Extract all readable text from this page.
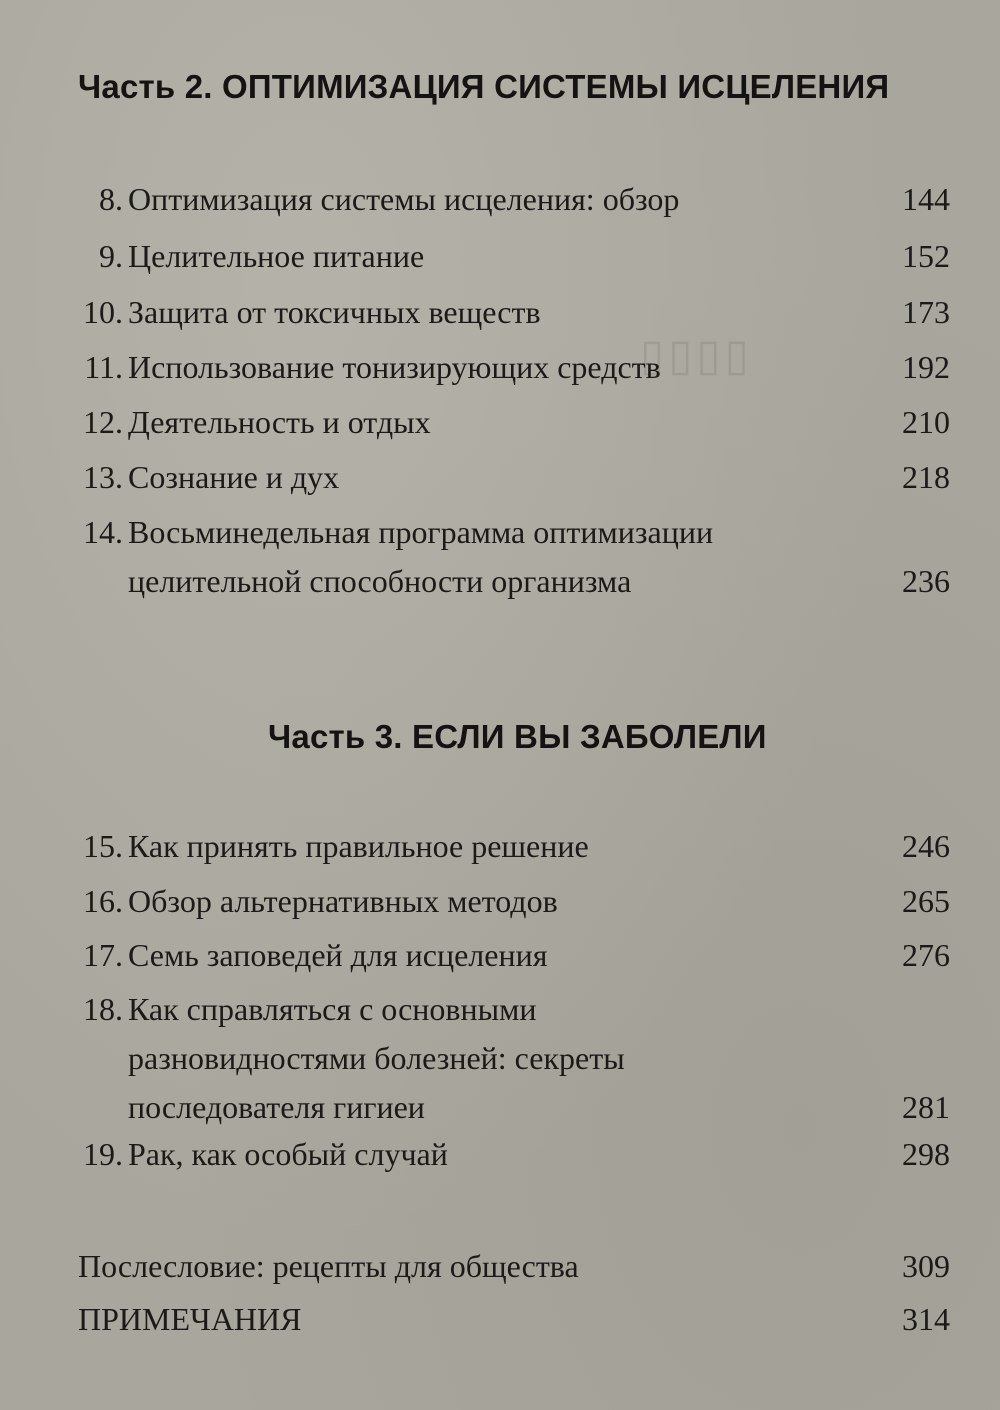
▯▯▯▯
Часть 2. ОПТИМИЗАЦИЯ СИСТЕМЫ ИСЦЕЛЕНИЯ
8. Оптимизация системы исцеления: обзор	144
9. Целительное питание	152
10. Защита от токсичных веществ	173
11. Использование тонизирующих средств	192
12. Деятельность и отдых	210
13. Сознание и дух	218
14. Восьминедельная программа оптимизации
целительной способности организма	236
Часть 3. ЕСЛИ ВЫ ЗАБОЛЕЛИ
15. Как принять правильное решение	246
16. Обзор альтернативных методов	265
17. Семь заповедей для исцеления	276
18. Как справляться с основными
разновидностями болезней: секреты
последователя гигиеи	281
19. Рак, как особый случай	298
Послесловие: рецепты для общества	309
ПРИМЕЧАНИЯ	314
